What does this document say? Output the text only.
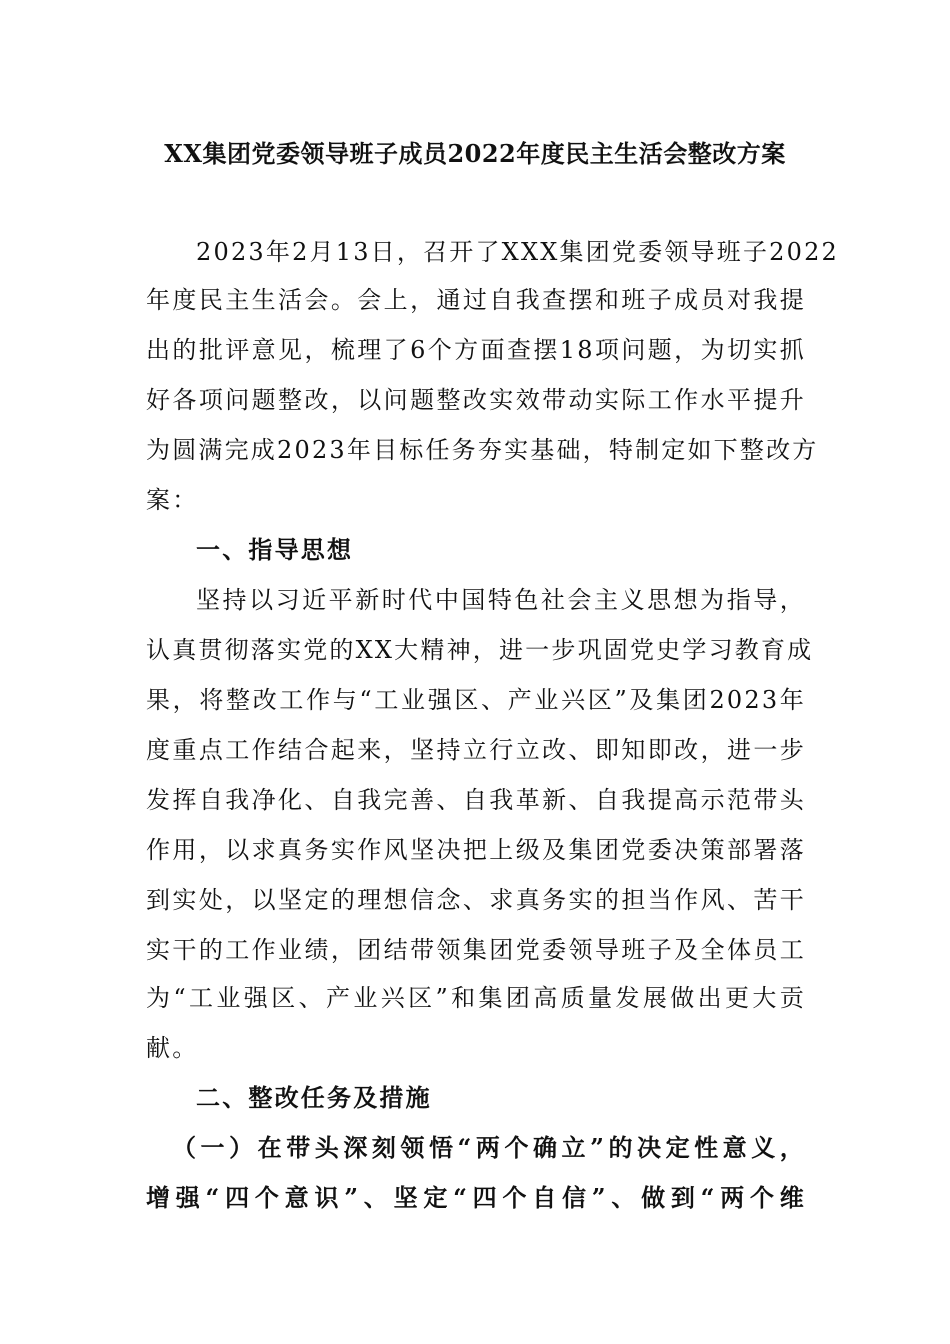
XX集团党委领导班子成员2022年度民主生活会整改方案
2023年2月13日，召开了XXX集团党委领导班子2022
年度民主生活会。会上，通过自我查摆和班子成员对我提
出的批评意见，梳理了6个方面查摆18项问题，为切实抓
好各项问题整改，以问题整改实效带动实际工作水平提升
为圆满完成2023年目标任务夯实基础，特制定如下整改方
案：
一、指导思想
坚持以习近平新时代中国特色社会主义思想为指导，
认真贯彻落实党的XX大精神，进一步巩固党史学习教育成
果，将整改工作与“工业强区、产业兴区”及集团2023年
度重点工作结合起来，坚持立行立改、即知即改，进一步
发挥自我净化、自我完善、自我革新、自我提高示范带头
作用，以求真务实作风坚决把上级及集团党委决策部署落
到实处，以坚定的理想信念、求真务实的担当作风、苦干
实干的工作业绩，团结带领集团党委领导班子及全体员工
为“工业强区、产业兴区”和集团高质量发展做出更大贡
献。
二、整改任务及措施
（一）在带头深刻领悟“两个确立”的决定性意义，
增强“四个意识”、坚定“四个自信”、做到“两个维
